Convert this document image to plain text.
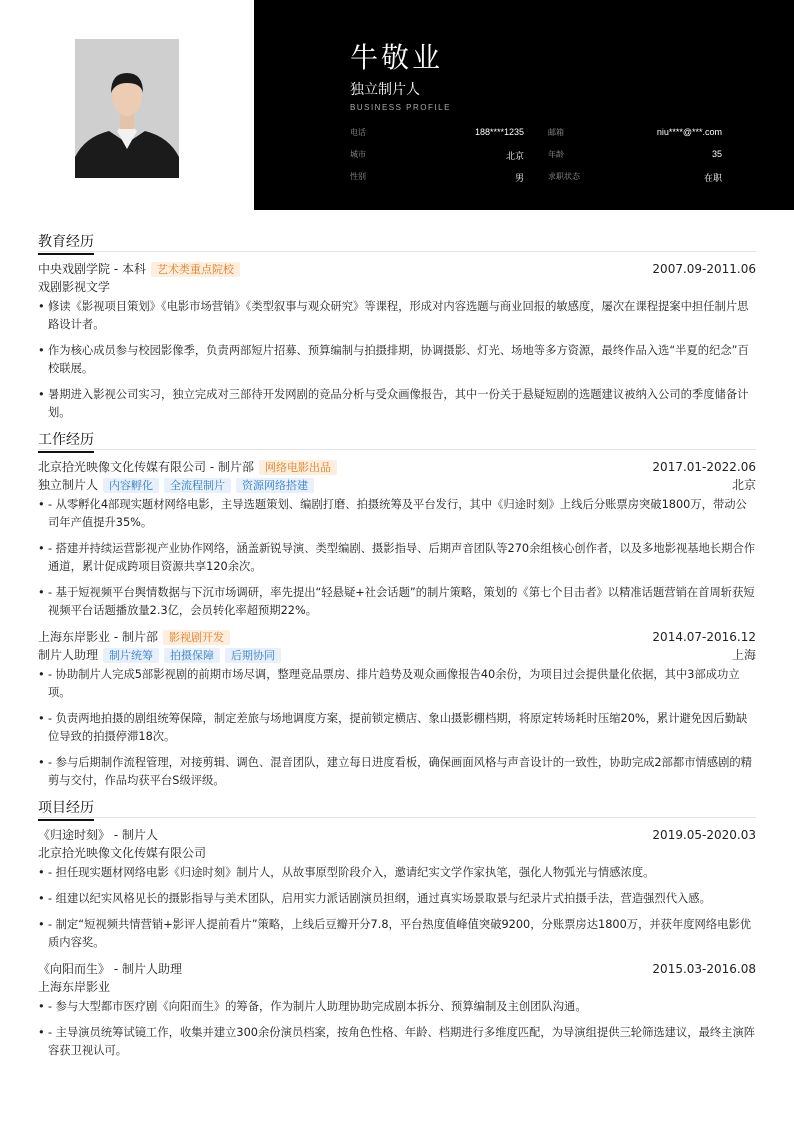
牛敬业
独立制片人
BUSINESS PROFILE
电话	188****1235	邮箱	niu****@***.com
城市	北京	年龄	35
性别	男	求职状态	在职
教育经历
中央戏剧学院 - 本科	艺术类重点院校	2007.09-2011.06
戏剧影视文学
• 修读《影视项目策划》《电影市场营销》《类型叙事与观众研究》等课程，形成对内容选题与商业回报的敏感度，屡次在课程提案中担任制片思路设计者。
• 作为核心成员参与校园影像季，负责两部短片招募、预算编制与拍摄排期，协调摄影、灯光、场地等多方资源，最终作品入选“半夏的纪念”百校联展。
• 暑期进入影视公司实习，独立完成对三部待开发网剧的竞品分析与受众画像报告，其中一份关于悬疑短剧的选题建议被纳入公司的季度储备计划。
工作经历
北京拾光映像文化传媒有限公司 - 制片部	网络电影出品	2017.01-2022.06
独立制片人	内容孵化	全流程制片	资源网络搭建	北京
• - 从零孵化4部现实题材网络电影，主导选题策划、编剧打磨、拍摄统筹及平台发行，其中《归途时刻》上线后分账票房突破1800万，带动公司年产值提升35%。
• - 搭建并持续运营影视产业协作网络，涵盖新锐导演、类型编剧、摄影指导、后期声音团队等270余组核心创作者，以及多地影视基地长期合作通道，累计促成跨项目资源共享120余次。
• - 基于短视频平台舆情数据与下沉市场调研，率先提出“轻悬疑+社会话题”的制片策略，策划的《第七个目击者》以精准话题营销在首周斩获短视频平台话题播放量2.3亿，会员转化率超预期22%。
上海东岸影业 - 制片部	影视剧开发	2014.07-2016.12
制片人助理	制片统筹	拍摄保障	后期协同	上海
• - 协助制片人完成5部影视剧的前期市场尽调，整理竞品票房、排片趋势及观众画像报告40余份，为项目过会提供量化依据，其中3部成功立项。
• - 负责两地拍摄的剧组统筹保障，制定差旅与场地调度方案，提前锁定横店、象山摄影棚档期，将原定转场耗时压缩20%，累计避免因后勤缺位导致的拍摄停滞18次。
• - 参与后期制作流程管理，对接剪辑、调色、混音团队，建立每日进度看板，确保画面风格与声音设计的一致性，协助完成2部都市情感剧的精剪与交付，作品均获平台S级评级。
项目经历
《归途时刻》 - 制片人	2019.05-2020.03
北京拾光映像文化传媒有限公司
• - 担任现实题材网络电影《归途时刻》制片人，从故事原型阶段介入，邀请纪实文学作家执笔，强化人物弧光与情感浓度。
• - 组建以纪实风格见长的摄影指导与美术团队，启用实力派话剧演员担纲，通过真实场景取景与纪录片式拍摄手法，营造强烈代入感。
• - 制定“短视频共情营销+影评人提前看片”策略，上线后豆瓣开分7.8，平台热度值峰值突破9200，分账票房达1800万，并获年度网络电影优质内容奖。
《向阳而生》 - 制片人助理	2015.03-2016.08
上海东岸影业
• - 参与大型都市医疗剧《向阳而生》的筹备，作为制片人助理协助完成剧本拆分、预算编制及主创团队沟通。
• - 主导演员统筹试镜工作，收集并建立300余份演员档案，按角色性格、年龄、档期进行多维度匹配，为导演组提供三轮筛选建议，最终主演阵容获卫视认可。
